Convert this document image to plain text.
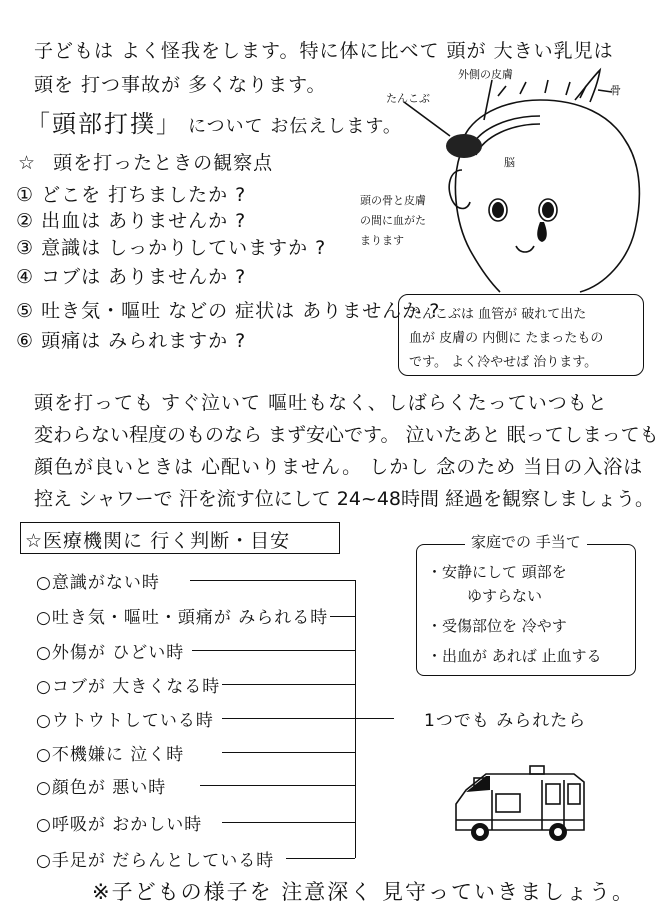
子どもは よく怪我をします。特に体に比べて 頭が 大きい乳児は
頭を 打つ事故が 多くなります。
「頭部打撲」 について お伝えします。
☆ 頭を打ったときの観察点
① どこを 打ちましたか ?
② 出血は ありませんか ?
③ 意識は しっかりしていますか ?
④ コブは ありませんか ?
⑤ 吐き気・嘔吐 などの 症状は ありませんか ?
⑥ 頭痛は みられますか ?
たんこぶ
外側の皮膚
骨
脳
頭の骨と皮膚
の間に血がた
まります
たんこぶは 血管が 破れて出た
血が 皮膚の 内側に たまったもの
です。 よく冷やせば 治ります。
頭を打っても すぐ泣いて 嘔吐もなく、しばらくたっていつもと
変わらない程度のものなら まず安心です。 泣いたあと 眠ってしまっても
顔色が良いときは 心配いりません。 しかし 念のため 当日の入浴は
控え シャワーで 汗を流す位にして 24~48時間 経過を観察しましょう。
☆医療機関に 行く判断・目安	家庭での 手当て
・安静にして 頭部を
ゆすらない
・受傷部位を 冷やす
・出血が あれば 止血する
○意識がない時
○吐き気・嘔吐・頭痛が みられる時
○外傷が ひどい時
○コブが 大きくなる時
○ウトウトしている時
○不機嫌に 泣く時
○顔色が 悪い時
○呼吸が おかしい時
○手足が だらんとしている時
1つでも みられたら
※子どもの様子を 注意深く 見守っていきましょう。
